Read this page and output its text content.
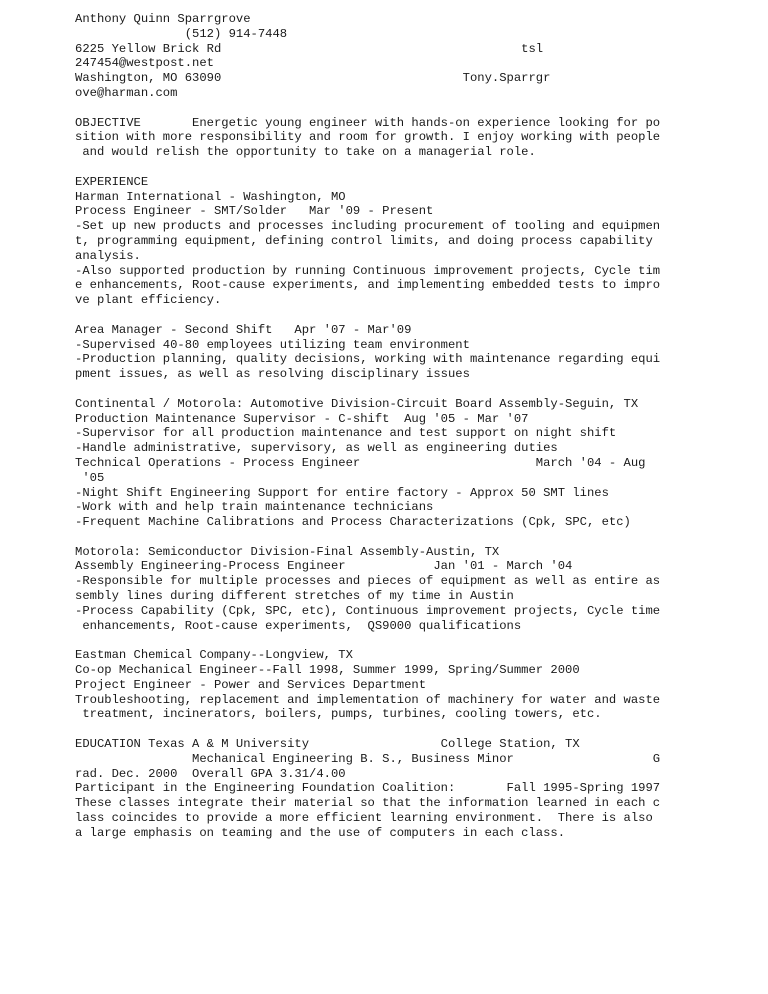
Anthony Quinn Sparrgrove
(512) 914-7448
6225 Yellow Brick Rd                                         tsl
247454@westpost.net
Washington, MO 63090                                 Tony.Sparrgr
ove@harman.com
OBJECTIVE       Energetic young engineer with hands-on experience looking for po
sition with more responsibility and room for growth. I enjoy working with people
and would relish the opportunity to take on a managerial role.
EXPERIENCE
Harman International - Washington, MO
Process Engineer - SMT/Solder   Mar '09 - Present
-Set up new products and processes including procurement of tooling and equipmen
t, programming equipment, defining control limits, and doing process capability
analysis.
-Also supported production by running Continuous improvement projects, Cycle tim
e enhancements, Root-cause experiments, and implementing embedded tests to impro
ve plant efficiency.
Area Manager - Second Shift   Apr '07 - Mar'09
-Supervised 40-80 employees utilizing team environment
-Production planning, quality decisions, working with maintenance regarding equi
pment issues, as well as resolving disciplinary issues
Continental / Motorola: Automotive Division-Circuit Board Assembly-Seguin, TX
Production Maintenance Supervisor - C-shift  Aug '05 - Mar '07
-Supervisor for all production maintenance and test support on night shift
-Handle administrative, supervisory, as well as engineering duties
Technical Operations - Process Engineer                        March '04 - Aug
'05
-Night Shift Engineering Support for entire factory - Approx 50 SMT lines
-Work with and help train maintenance technicians
-Frequent Machine Calibrations and Process Characterizations (Cpk, SPC, etc)
Motorola: Semiconductor Division-Final Assembly-Austin, TX
Assembly Engineering-Process Engineer            Jan '01 - March '04
-Responsible for multiple processes and pieces of equipment as well as entire as
sembly lines during different stretches of my time in Austin
-Process Capability (Cpk, SPC, etc), Continuous improvement projects, Cycle time
enhancements, Root-cause experiments,  QS9000 qualifications
Eastman Chemical Company--Longview, TX
Co-op Mechanical Engineer--Fall 1998, Summer 1999, Spring/Summer 2000
Project Engineer - Power and Services Department
Troubleshooting, replacement and implementation of machinery for water and waste
treatment, incinerators, boilers, pumps, turbines, cooling towers, etc.
EDUCATION Texas A & M University                  College Station, TX
Mechanical Engineering B. S., Business Minor                   G
rad. Dec. 2000  Overall GPA 3.31/4.00
Participant in the Engineering Foundation Coalition:       Fall 1995-Spring 1997
These classes integrate their material so that the information learned in each c
lass coincides to provide a more efficient learning environment.  There is also
a large emphasis on teaming and the use of computers in each class.
